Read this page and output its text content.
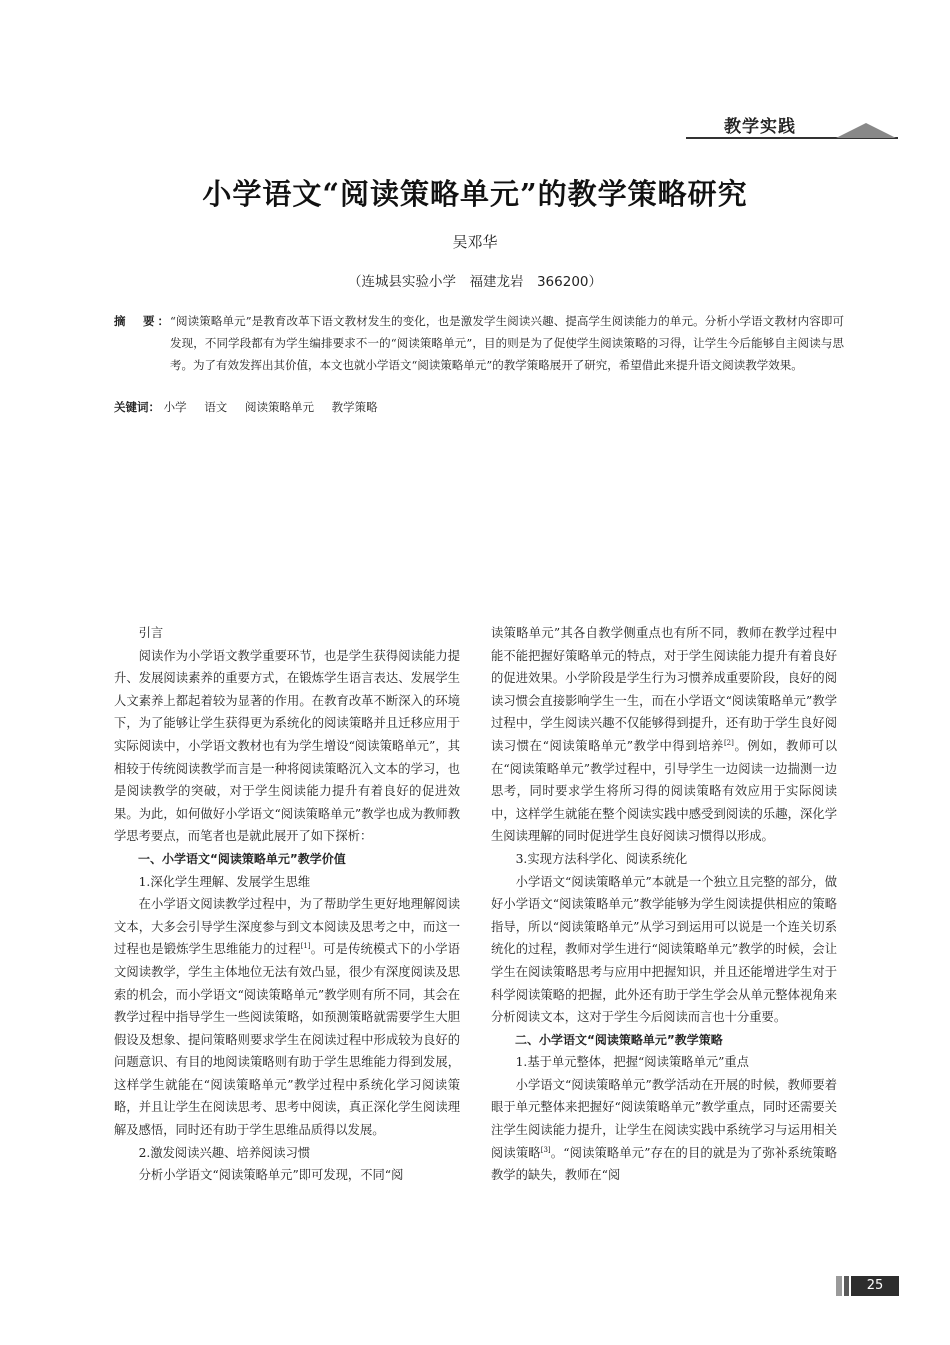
教学实践
小学语文“阅读策略单元”的教学策略研究
吴邓华
（连城县实验小学　福建龙岩　366200）
摘　要：
“阅读策略单元”是教育改革下语文教材发生的变化，也是激发学生阅读兴趣、提高学生阅读能力的单元。分析小学语文教材内容即可发现，不同学段都有为学生编排要求不一的“阅读策略单元”，目的则是为了促使学生阅读策略的习得，让学生今后能够自主阅读与思考。为了有效发挥出其价值，本文也就小学语文“阅读策略单元”的教学策略展开了研究，希望借此来提升语文阅读教学效果。
关键词： 小学 语文 阅读策略单元 教学策略

引言

阅读作为小学语文教学重要环节，也是学生获得阅读能力提升、发展阅读素养的重要方式，在锻炼学生语言表达、发展学生人文素养上都起着较为显著的作用。在教育改革不断深入的环境下，为了能够让学生获得更为系统化的阅读策略并且迁移应用于实际阅读中，小学语文教材也有为学生增设“阅读策略单元”，其相较于传统阅读教学而言是一种将阅读策略沉入文本的学习，也是阅读教学的突破，对于学生阅读能力提升有着良好的促进效果。为此，如何做好小学语文“阅读策略单元”教学也成为教师教学思考要点，而笔者也是就此展开了如下探析：

一、小学语文“阅读策略单元”教学价值

1.深化学生理解、发展学生思维

在小学语文阅读教学过程中，为了帮助学生更好地理解阅读文本，大多会引导学生深度参与到文本阅读及思考之中，而这一过程也是锻炼学生思维能力的过程[1]。可是传统模式下的小学语文阅读教学，学生主体地位无法有效凸显，很少有深度阅读及思索的机会，而小学语文“阅读策略单元”教学则有所不同，其会在教学过程中指导学生一些阅读策略，如预测策略就需要学生大胆假设及想象、提问策略则要求学生在阅读过程中形成较为良好的问题意识、有目的地阅读策略则有助于学生思维能力得到发展，这样学生就能在“阅读策略单元”教学过程中系统化学习阅读策略，并且让学生在阅读思考、思考中阅读，真正深化学生阅读理解及感悟，同时还有助于学生思维品质得以发展。

2.激发阅读兴趣、培养阅读习惯

分析小学语文“阅读策略单元”即可发现，不同“阅

读策略单元”其各自教学侧重点也有所不同，教师在教学过程中能不能把握好策略单元的特点，对于学生阅读能力提升有着良好的促进效果。小学阶段是学生行为习惯养成重要阶段，良好的阅读习惯会直接影响学生一生，而在小学语文“阅读策略单元”教学过程中，学生阅读兴趣不仅能够得到提升，还有助于学生良好阅读习惯在“阅读策略单元”教学中得到培养[2]。例如，教师可以在“阅读策略单元”教学过程中，引导学生一边阅读一边揣测一边思考，同时要求学生将所习得的阅读策略有效应用于实际阅读中，这样学生就能在整个阅读实践中感受到阅读的乐趣，深化学生阅读理解的同时促进学生良好阅读习惯得以形成。

3.实现方法科学化、阅读系统化

小学语文“阅读策略单元”本就是一个独立且完整的部分，做好小学语文“阅读策略单元”教学能够为学生阅读提供相应的策略指导，所以“阅读策略单元”从学习到运用可以说是一个连关切系统化的过程，教师对学生进行“阅读策略单元”教学的时候，会让学生在阅读策略思考与应用中把握知识，并且还能增进学生对于科学阅读策略的把握，此外还有助于学生学会从单元整体视角来分析阅读文本，这对于学生今后阅读而言也十分重要。

二、小学语文“阅读策略单元”教学策略

1.基于单元整体，把握“阅读策略单元”重点

小学语文“阅读策略单元”教学活动在开展的时候，教师要着眼于单元整体来把握好“阅读策略单元”教学重点，同时还需要关注学生阅读能力提升，让学生在阅读实践中系统学习与运用相关阅读策略[3]。“阅读策略单元”存在的目的就是为了弥补系统策略教学的缺失，教师在“阅

25
